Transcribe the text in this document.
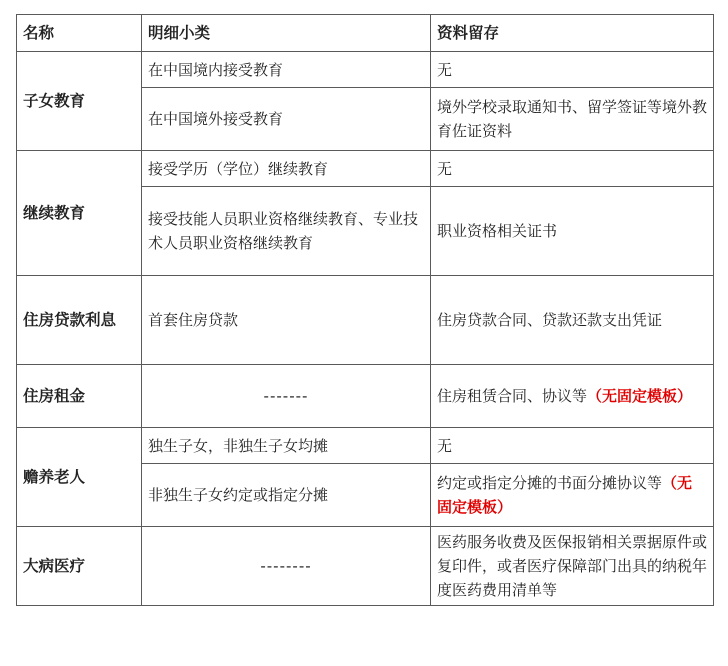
名称	明细小类	资料留存
子女教育	在中国境内接受教育	无
	在中国境外接受教育	境外学校录取通知书、留学签证等境外教育佐证资料
继续教育	接受学历（学位）继续教育	无
	接受技能人员职业资格继续教育、专业技术人员职业资格继续教育	职业资格相关证书
住房贷款利息	首套住房贷款	住房贷款合同、贷款还款支出凭证
住房租金	-------	住房租赁合同、协议等（无固定模板）
赡养老人	独生子女，非独生子女均摊	无
	非独生子女约定或指定分摊	约定或指定分摊的书面分摊协议等（无固定模板）
大病医疗	--------	医药服务收费及医保报销相关票据原件或复印件，或者医疗保障部门出具的纳税年度医药费用清单等
